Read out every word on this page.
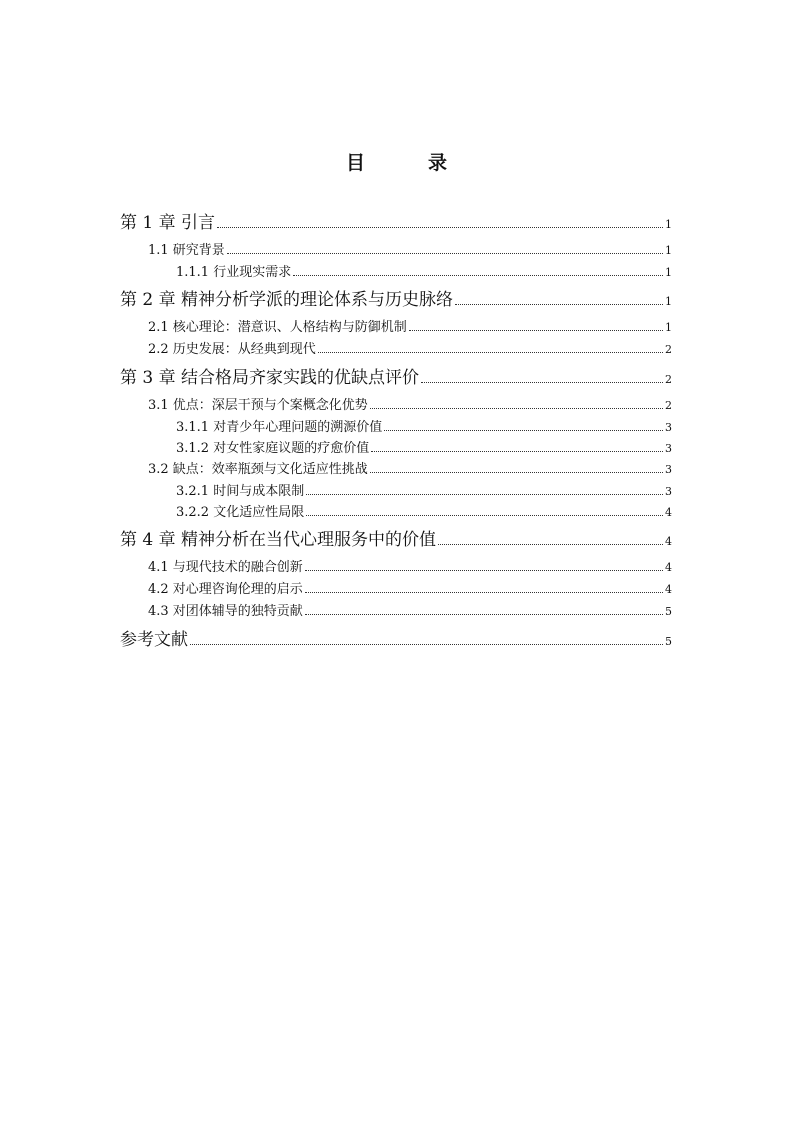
目　录
第 1 章 引言	1
1.1 研究背景	1
1.1.1 行业现实需求	1
第 2 章 精神分析学派的理论体系与历史脉络	1
2.1 核心理论：潜意识、人格结构与防御机制	1
2.2 历史发展：从经典到现代	2
第 3 章 结合格局齐家实践的优缺点评价	2
3.1 优点：深层干预与个案概念化优势	2
3.1.1 对青少年心理问题的溯源价值	3
3.1.2 对女性家庭议题的疗愈价值	3
3.2 缺点：效率瓶颈与文化适应性挑战	3
3.2.1 时间与成本限制	3
3.2.2 文化适应性局限	4
第 4 章 精神分析在当代心理服务中的价值	4
4.1 与现代技术的融合创新	4
4.2 对心理咨询伦理的启示	4
4.3 对团体辅导的独特贡献	5
参考文献	5
